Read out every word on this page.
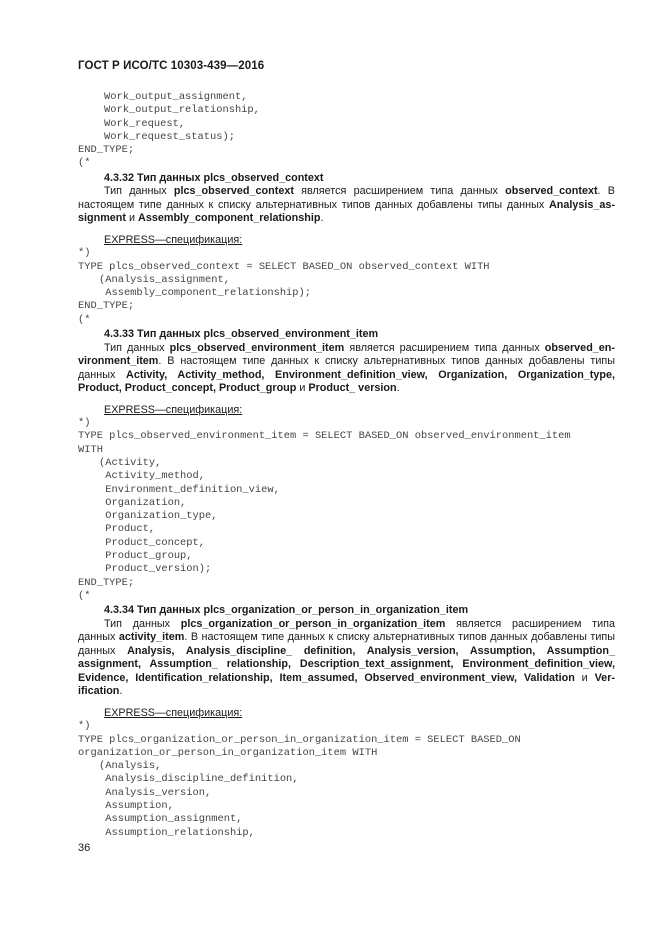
ГОСТ Р ИСО/ТС 10303-439—2016
Work_output_assignment,
Work_output_relationship,
Work_request,
Work_request_status);
END_TYPE;
(*
4.3.32 Тип данных plcs_observed_context

Тип данных plcs_observed_context является расширением типа данных observed_context. В настоящем типе данных к списку альтернативных типов данных добавлены типы данных Analysis_as-signment и Assembly_component_relationship.

EXPRESS—спецификация:
*)
TYPE plcs_observed_context = SELECT BASED_ON observed_context WITH
(Analysis_assignment,
Assembly_component_relationship);
END_TYPE;
(*
4.3.33 Тип данных plcs_observed_environment_item

Тип данных plcs_observed_environment_item является расширением типа данных observed_en-vironment_item. В настоящем типе данных к списку альтернативных типов данных добавлены типы данных Activity, Activity_method, Environment_definition_view, Organization, Organization_type, Product, Product_concept, Product_group и Product_ version.

EXPRESS—спецификация:
*)
TYPE plcs_observed_environment_item = SELECT BASED_ON observed_environment_item
WITH
(Activity,
Activity_method,
Environment_definition_view,
Organization,
Organization_type,
Product,
Product_concept,
Product_group,
Product_version);
END_TYPE;
(*
4.3.34 Тип данных plcs_organization_or_person_in_organization_item

Тип данных plcs_organization_or_person_in_organization_item является расширением типа данных activity_item. В настоящем типе данных к списку альтернативных типов данных добавлены типы данных Analysis, Analysis_discipline_ definition, Analysis_version, Assumption, Assumption_ assignment, Assumption_ relationship, Description_text_assignment, Environment_definition_view, Evidence, Identification_relationship, Item_assumed, Observed_environment_view, Validation и Ver-ification.

EXPRESS—спецификация:
*)
TYPE plcs_organization_or_person_in_organization_item = SELECT BASED_ON
organization_or_person_in_organization_item WITH
(Analysis,
Analysis_discipline_definition,
Analysis_version,
Assumption,
Assumption_assignment,
Assumption_relationship,
36
